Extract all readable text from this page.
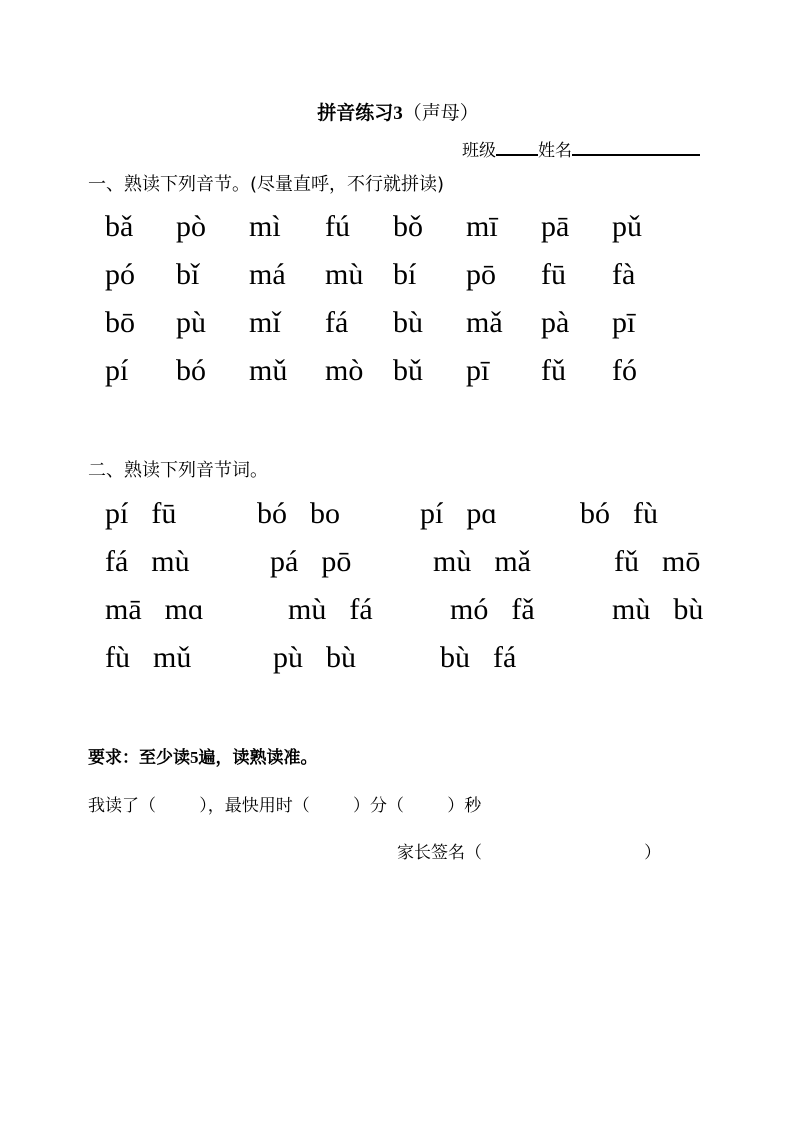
拼音练习3（声母）
班级 姓名
一、熟读下列音节。(尽量直呼，不行就拼读)
bǎ pò mì fú bǒ mī pā pǔ
pó bǐ má mù bí pō fū fà
bō pù mǐ fá bù mǎ pà pī
pí bó mǔ mò bǔ pī fǔ fó
二、熟读下列音节词。
pí  fū	bó  bo	pí  pɑ	bó  fù
fá  mù	pá  pō	mù  mǎ	fǔ  mō
mā  mɑ	mù  fá	mó  fǎ	mù  bù
fù  mǔ	pù  bù	bù  fá
要求：至少读5遍，读熟读准。
我读了（        ），最快用时（        ）分（        ）秒
家长签名（                              ）
